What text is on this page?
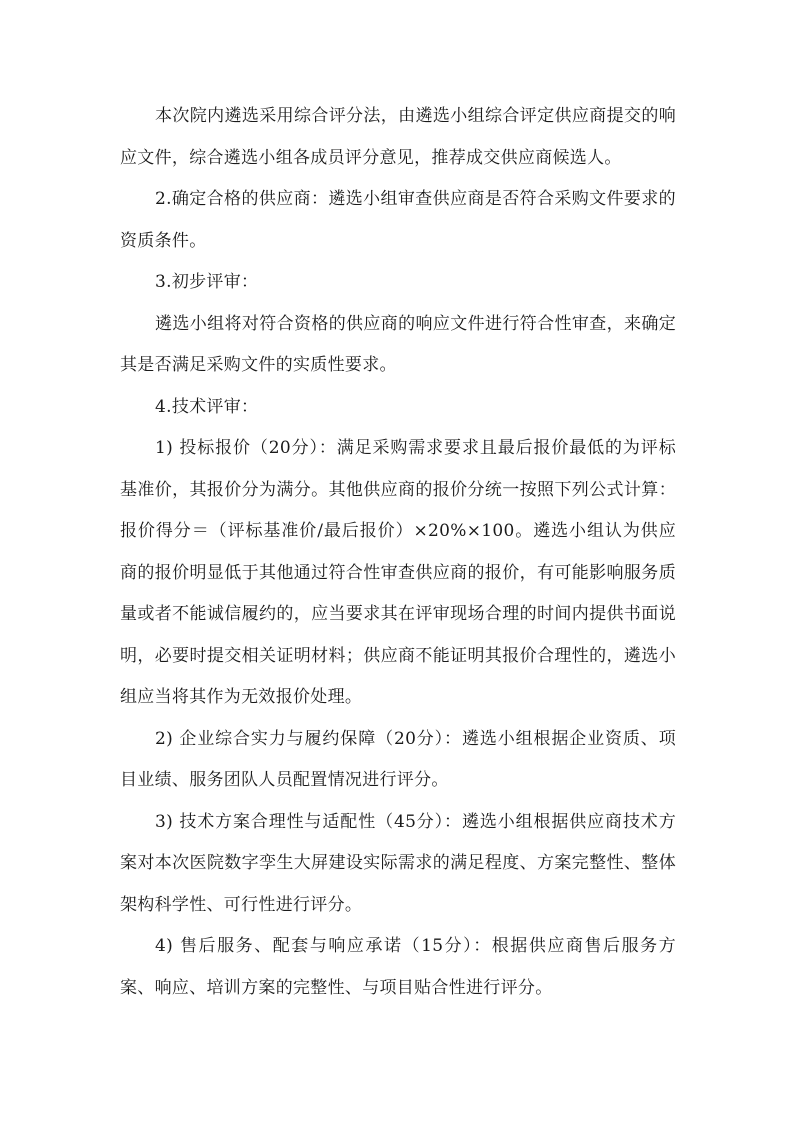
本次院内遴选采用综合评分法，由遴选小组综合评定供应商提交的响应文件，综合遴选小组各成员评分意见，推荐成交供应商候选人。

2.确定合格的供应商：遴选小组审查供应商是否符合采购文件要求的资质条件。

3.初步评审：

遴选小组将对符合资格的供应商的响应文件进行符合性审查，来确定其是否满足采购文件的实质性要求。

4.技术评审：

1) 投标报价（20分）：满足采购需求要求且最后报价最低的为评标基准价，其报价分为满分。其他供应商的报价分统一按照下列公式计算：报价得分＝（评标基准价/最后报价）×20%×100。遴选小组认为供应商的报价明显低于其他通过符合性审查供应商的报价，有可能影响服务质量或者不能诚信履约的，应当要求其在评审现场合理的时间内提供书面说明，必要时提交相关证明材料；供应商不能证明其报价合理性的，遴选小组应当将其作为无效报价处理。

2) 企业综合实力与履约保障（20分）：遴选小组根据企业资质、项目业绩、服务团队人员配置情况进行评分。

3) 技术方案合理性与适配性（45分）：遴选小组根据供应商技术方案对本次医院数字孪生大屏建设实际需求的满足程度、方案完整性、整体架构科学性、可行性进行评分。

4) 售后服务、配套与响应承诺（15分）：根据供应商售后服务方案、响应、培训方案的完整性、与项目贴合性进行评分。
